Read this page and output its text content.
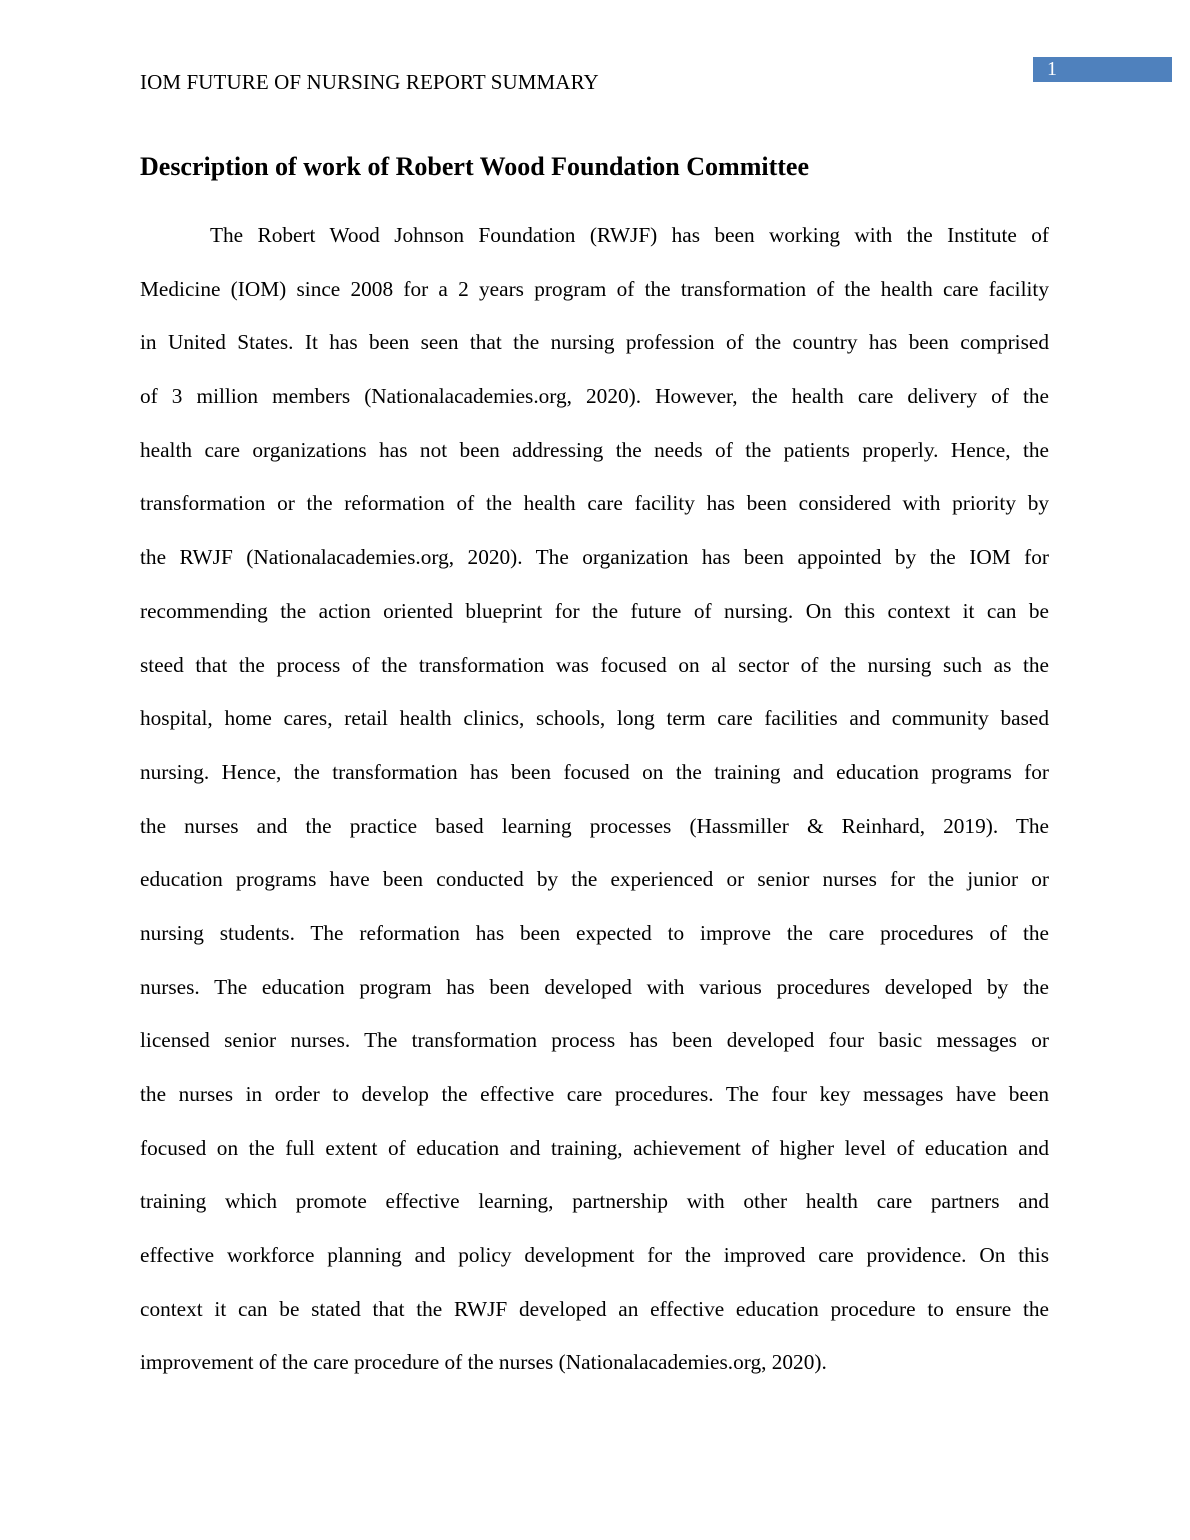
IOM FUTURE OF NURSING REPORT SUMMARY
1
Description of work of Robert Wood Foundation Committee
The Robert Wood Johnson Foundation (RWJF) has been working with the Institute of
Medicine (IOM) since 2008 for a 2 years program of the transformation of the health care facility
in United States. It has been seen that the nursing profession of the country has been comprised
of 3 million members (Nationalacademies.org, 2020). However, the health care delivery of the
health care organizations has not been addressing the needs of the patients properly. Hence, the
transformation or the reformation of the health care facility has been considered with priority by
the RWJF (Nationalacademies.org, 2020). The organization has been appointed by the IOM for
recommending the action oriented blueprint for the future of nursing. On this context it can be
steed that the process of the transformation was focused on al sector of the nursing such as the
hospital, home cares, retail health clinics, schools, long term care facilities and community based
nursing. Hence, the transformation has been focused on the training and education programs for
the nurses and the practice based learning processes (Hassmiller & Reinhard, 2019). The
education programs have been conducted by the experienced or senior nurses for the junior or
nursing students. The reformation has been expected to improve the care procedures of the
nurses. The education program has been developed with various procedures developed by the
licensed senior nurses. The transformation process has been developed four basic messages or
the nurses in order to develop the effective care procedures. The four key messages have been
focused on the full extent of education and training, achievement of higher level of education and
training which promote effective learning, partnership with other health care partners and
effective workforce planning and policy development for the improved care providence. On this
context it can be stated that the RWJF developed an effective education procedure to ensure the
improvement of the care procedure of the nurses (Nationalacademies.org, 2020).
